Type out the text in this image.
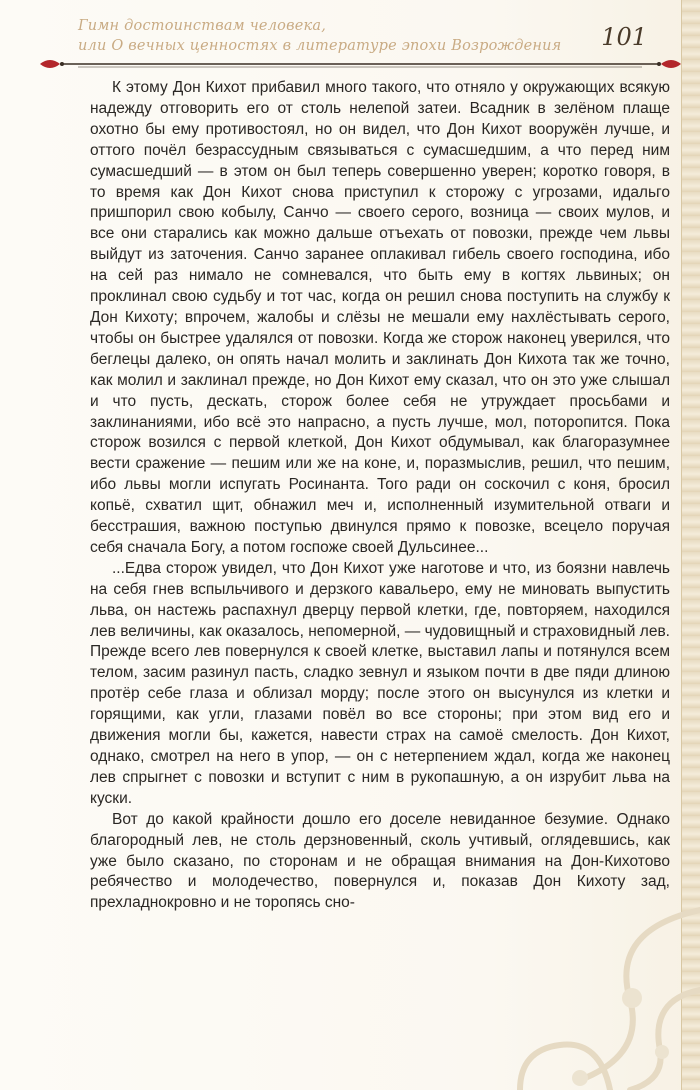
Гимн достоинствам человека,
или О вечных ценностях в литературе эпохи Возрождения	101

К этому Дон Кихот прибавил много такого, что отняло у окружающих всякую надежду отговорить его от столь нелепой затеи. Всадник в зелёном плаще охотно бы ему противостоял, но он видел, что Дон Кихот вооружён лучше, и оттого почёл безрассудным связываться с сумасшедшим, а что перед ним сумасшедший — в этом он был теперь совершенно уверен; коротко говоря, в то время как Дон Кихот снова приступил к сторожу с угрозами, идальго пришпорил свою кобылу, Санчо — своего серого, возница — своих мулов, и все они старались как можно дальше отъехать от повозки, прежде чем львы выйдут из заточения. Санчо заранее оплакивал гибель своего господина, ибо на сей раз нимало не сомневался, что быть ему в когтях львиных; он проклинал свою судьбу и тот час, когда он решил снова поступить на службу к Дон Кихоту; впрочем, жалобы и слёзы не мешали ему нахлёстывать серого, чтобы он быстрее удалялся от повозки. Когда же сторож наконец уверился, что беглецы далеко, он опять начал молить и заклинать Дон Кихота так же точно, как молил и заклинал прежде, но Дон Кихот ему сказал, что он это уже слышал и что пусть, дескать, сторож более себя не утруждает просьбами и заклинаниями, ибо всё это напрасно, а пусть лучше, мол, поторопится. Пока сторож возился с первой клеткой, Дон Кихот обдумывал, как благоразумнее вести сражение — пешим или же на коне, и, поразмыслив, решил, что пешим, ибо львы могли испугать Росинанта. Того ради он соскочил с коня, бросил копьё, схватил щит, обнажил меч и, исполненный изумительной отваги и бесстрашия, важною поступью двинулся прямо к повозке, всецело поручая себя сначала Богу, а потом госпоже своей Дульсинее...

...Едва сторож увидел, что Дон Кихот уже наготове и что, из боязни навлечь на себя гнев вспыльчивого и дерзкого кавальеро, ему не миновать выпустить льва, он настежь распахнул дверцу первой клетки, где, повторяем, находился лев величины, как оказалось, непомерной, — чудовищный и страховидный лев. Прежде всего лев повернулся к своей клетке, выставил лапы и потянулся всем телом, засим разинул пасть, сладко зевнул и языком почти в две пяди длиною протёр себе глаза и облизал морду; после этого он высунулся из клетки и горящими, как угли, глазами повёл во все стороны; при этом вид его и движения могли бы, кажется, навести страх на самоё смелость. Дон Кихот, однако, смотрел на него в упор, — он с нетерпением ждал, когда же наконец лев спрыгнет с повозки и вступит с ним в рукопашную, а он изрубит льва на куски.

Вот до какой крайности дошло его доселе невиданное безумие. Однако благородный лев, не столь дерзновенный, сколь учтивый, оглядевшись, как уже было сказано, по сторонам и не обращая внимания на Дон-Кихотово ребячество и молодечество, повернулся и, показав Дон Кихоту зад, прехладнокровно и не торопясь сно-
